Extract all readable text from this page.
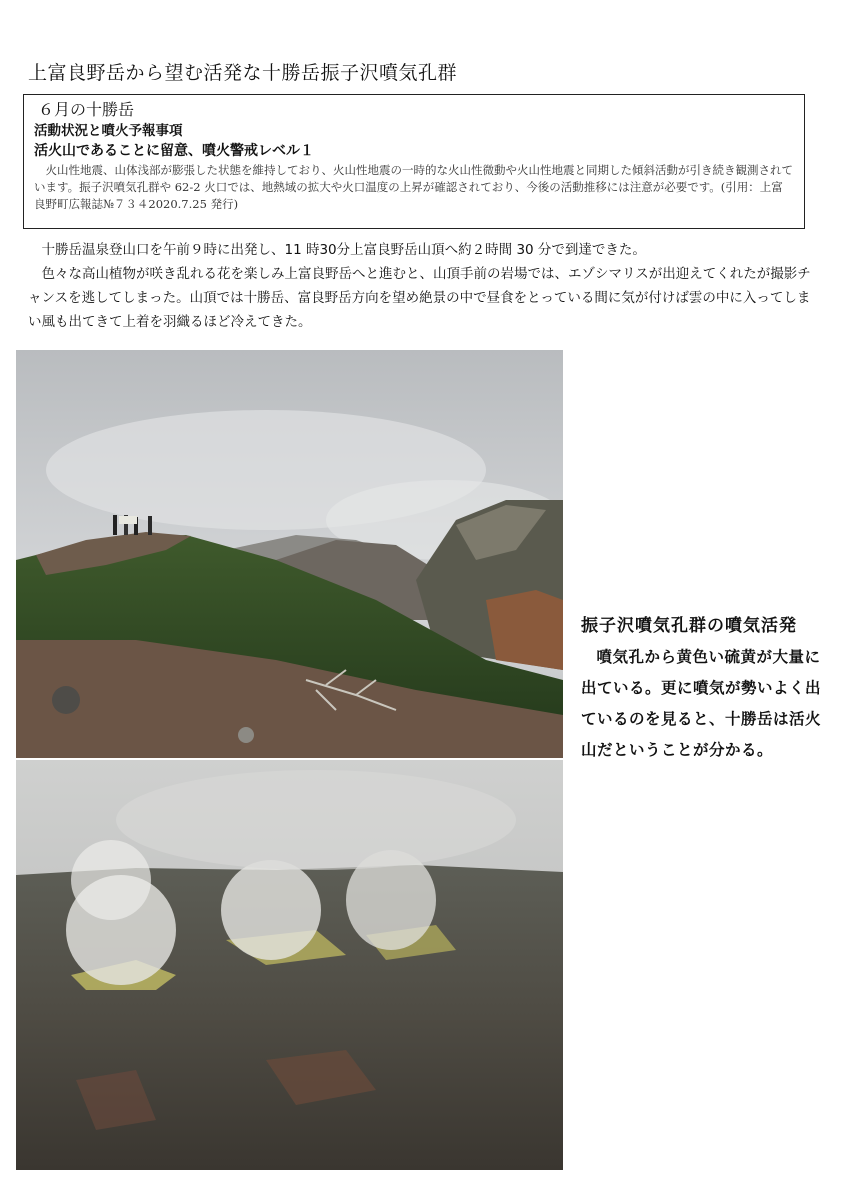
上富良野岳から望む活発な十勝岳振子沢噴気孔群
６月の十勝岳
活動状況と噴火予報事項
活火山であることに留意、噴火警戒レベル１
火山性地震、山体浅部が膨張した状態を維持しており、火山性地震の一時的な火山性微動や火山性地震と同期した傾斜活動が引き続き観測されています。振子沢噴気孔群や 62-2 火口では、地熱域の拡大や火口温度の上昇が確認されており、今後の活動推移には注意が必要です。(引用：上富良野町広報誌№７３４2020.7.25 発行)
十勝岳温泉登山口を午前９時に出発し、11 時30分上富良野岳山頂へ約２時間 30 分で到達できた。
色々な高山植物が咲き乱れる花を楽しみ上富良野岳へと進むと、山頂手前の岩場では、エゾシマリスが出迎えてくれたが撮影チャンスを逃してしまった。山頂では十勝岳、富良野岳方向を望め絶景の中で昼食をとっている間に気が付けば雲の中に入ってしまい風も出てきて上着を羽織るほど冷えてきた。
振子沢噴気孔群の噴気活発
噴気孔から黄色い硫黄が大量に出ている。更に噴気が勢いよく出ているのを見ると、十勝岳は活火山だということが分かる。
